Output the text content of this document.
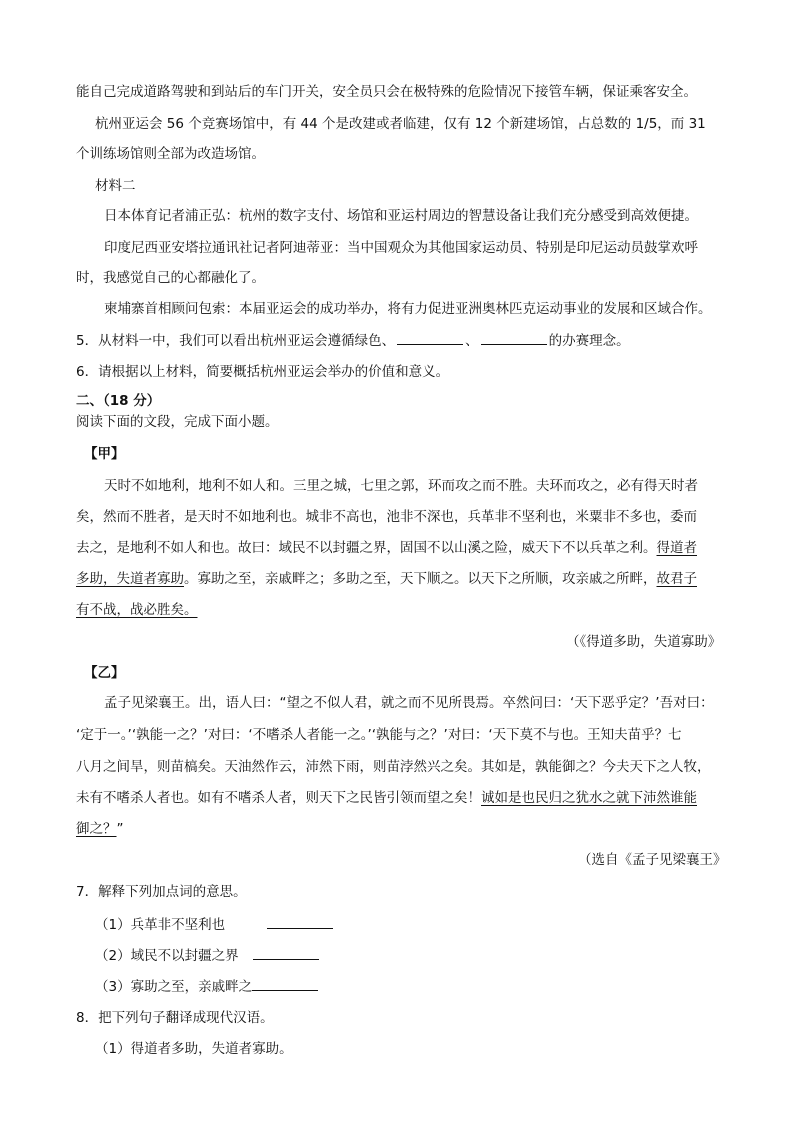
能自己完成道路驾驶和到站后的车门开关，安全员只会在极特殊的危险情况下接管车辆，保证乘客安全。
杭州亚运会 56 个竞赛场馆中，有 44 个是改建或者临建，仅有 12 个新建场馆，占总数的 1/5，而 31
个训练场馆则全部为改造场馆。
材料二
日本体育记者浦正弘：杭州的数字支付、场馆和亚运村周边的智慧设备让我们充分感受到高效便捷。
印度尼西亚安塔拉通讯社记者阿迪蒂亚：当中国观众为其他国家运动员、特别是印尼运动员鼓掌欢呼
时，我感觉自己的心都融化了。
柬埔寨首相顾问包索：本届亚运会的成功举办，将有力促进亚洲奥林匹克运动事业的发展和区域合作。
5．从材料一中，我们可以看出杭州亚运会遵循绿色、	、	的办赛理念。
6．请根据以上材料，简要概括杭州亚运会举办的价值和意义。
二、（18 分）
阅读下面的文段，完成下面小题。
【甲】
天时不如地利，地利不如人和。三里之城，七里之郭，环而攻之而不胜。夫环而攻之，必有得天时者
矣，然而不胜者，是天时不如地利也。城非不高也，池非不深也，兵革非不坚利也，米粟非不多也，委而
去之，是地利不如人和也。故曰：域民不以封疆之界，固国不以山溪之险，威天下不以兵革之利。得道者
多助，失道者寡助。寡助之至，亲戚畔之；多助之至，天下顺之。以天下之所顺，攻亲戚之所畔，故君子
有不战，战必胜矣。
（《得道多助，失道寡助》
【乙】
孟子见梁襄王。出，语人曰：“望之不似人君，就之而不见所畏焉。卒然问曰：‘天下恶乎定？’吾对曰：
‘定于一。’‘孰能一之？’对曰：‘不嗜杀人者能一之。’‘孰能与之？’对曰：‘天下莫不与也。王知夫苗乎？七
八月之间旱，则苗槁矣。天油然作云，沛然下雨，则苗浡然兴之矣。其如是，孰能御之？今夫天下之人牧，
未有不嗜杀人者也。如有不嗜杀人者，则天下之民皆引领而望之矣！诚如是也民归之犹水之就下沛然谁能
御之？”
（选自《孟子见梁襄王》
7．解释下列加点词的意思。
（1）兵革非不坚利也
（2）域民不以封疆之界
（3）寡助之至，亲戚畔之
8．把下列句子翻译成现代汉语。
（1）得道者多助，失道者寡助。
